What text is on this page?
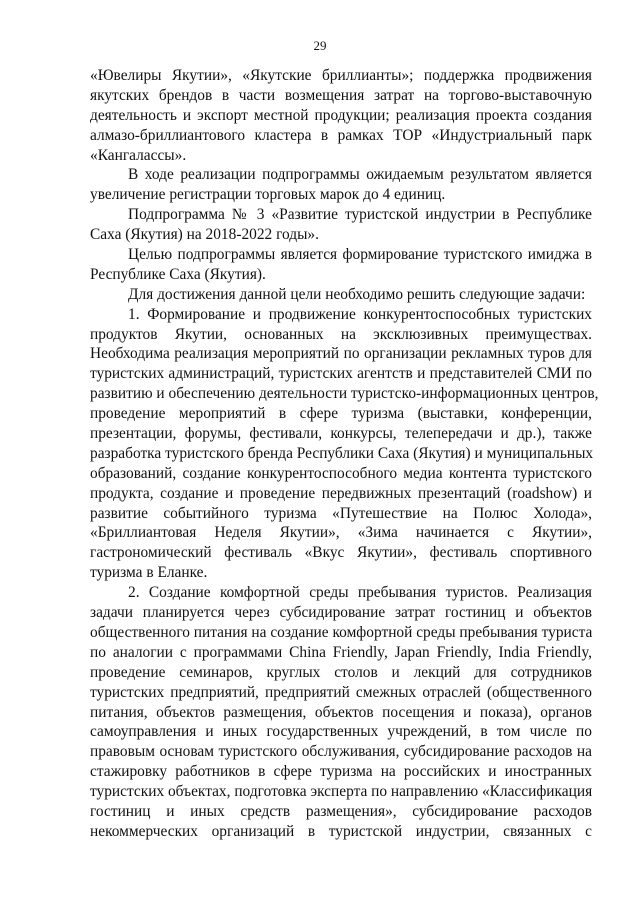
29
«Ювелиры Якутии», «Якутские бриллианты»; поддержка продвижения
якутских брендов в части возмещения затрат на торгово-выставочную
деятельность и экспорт местной продукции; реализация проекта создания
алмазо-бриллиантового кластера в рамках ТОР «Индустриальный парк
«Кангалассы».
В ходе реализации подпрограммы ожидаемым результатом является
увеличение регистрации торговых марок до 4 единиц.
Подпрограмма № 3 «Развитие туристской индустрии в Республике
Саха (Якутия) на 2018-2022 годы».
Целью подпрограммы является формирование туристского имиджа в
Республике Саха (Якутия).
Для достижения данной цели необходимо решить следующие задачи:
1. Формирование и продвижение конкурентоспособных туристских
продуктов Якутии, основанных на эксклюзивных преимуществах.
Необходима реализация мероприятий по организации рекламных туров для
туристских администраций, туристских агентств и представителей СМИ по
развитию и обеспечению деятельности туристско-информационных центров,
проведение мероприятий в сфере туризма (выставки, конференции,
презентации, форумы, фестивали, конкурсы, телепередачи и др.), также
разработка туристского бренда Республики Саха (Якутия) и муниципальных
образований, создание конкурентоспособного медиа контента туристского
продукта, создание и проведение передвижных презентаций (roadshow) и
развитие событийного туризма «Путешествие на Полюс Холода»,
«Бриллиантовая Неделя Якутии», «Зима начинается с Якутии»,
гастрономический фестиваль «Вкус Якутии», фестиваль спортивного
туризма в Еланке.
2. Создание комфортной среды пребывания туристов. Реализация
задачи планируется через субсидирование затрат гостиниц и объектов
общественного питания на создание комфортной среды пребывания туриста
по аналогии с программами China Friendly, Japan Friendly, India Friendly,
проведение семинаров, круглых столов и лекций для сотрудников
туристских предприятий, предприятий смежных отраслей (общественного
питания, объектов размещения, объектов посещения и показа), органов
самоуправления и иных государственных учреждений, в том числе по
правовым основам туристского обслуживания, субсидирование расходов на
стажировку работников в сфере туризма на российских и иностранных
туристских объектах, подготовка эксперта по направлению «Классификация
гостиниц и иных средств размещения», субсидирование расходов
некоммерческих организаций в туристской индустрии, связанных с
